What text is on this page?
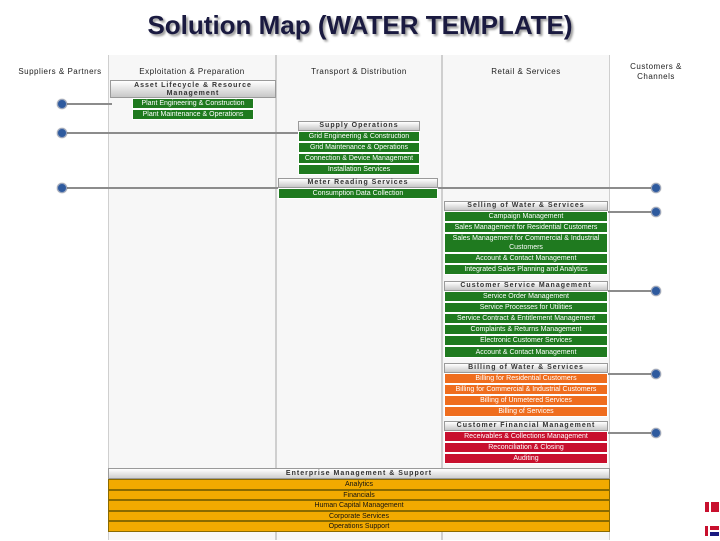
Solution Map (WATER TEMPLATE)
Suppliers & Partners	Exploitation & Preparation	Transport & Distribution	Retail & Services
Customers & Channels
Asset Lifecycle & Resource Management
Plant Engineering & Construction
Plant Maintenance & Operations
Supply Operations
Grid Engineering & Construction
Grid Maintenance & Operations
Connection & Device Management
Installation Services
Meter Reading Services
Consumption Data Collection
Selling of Water & Services
Campaign Management
Sales Management for Residential Customers
Sales Management for Commercial & Industrial Customers
Account & Contact Management
Integrated Sales Planning and Analytics
Customer Service Management
Service Order Management
Service Processes for Utilities
Service Contract & Entitlement Management
Complaints & Returns Management
Electronic Customer Services
Account & Contact Management
Billing of Water & Services
Billing for Residential Customers
Billing for Commercial & Industrial Customers
Billing of Unmetered Services
Billing of Services
Customer Financial Management
Receivables & Collections Management
Reconciliation & Closing
Auditing
Enterprise Management & Support
Analytics
Financials
Human Capital Management
Corporate Services
Operations Support
